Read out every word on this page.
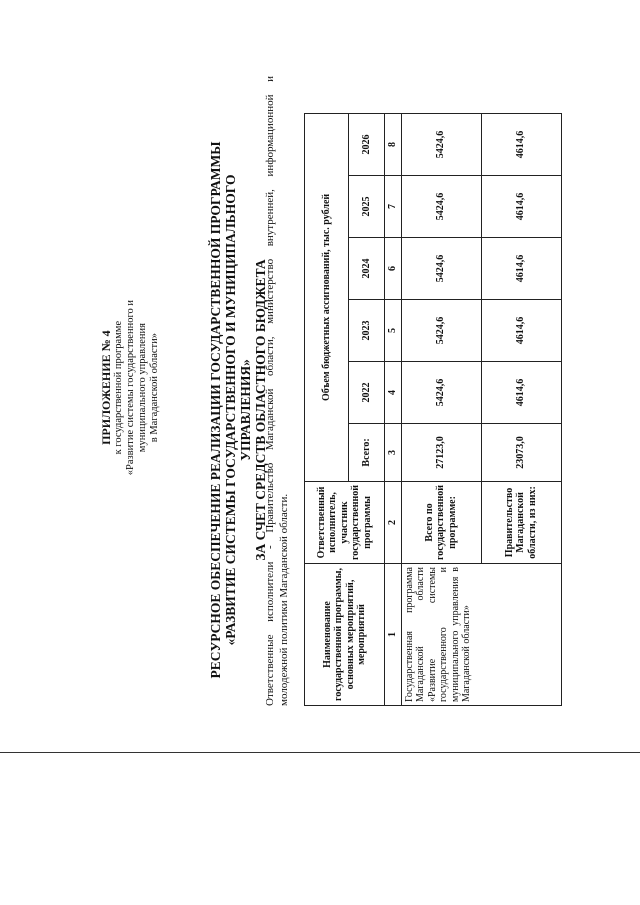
ПРИЛОЖЕНИЕ № 4 к государственной программе «Развитие системы государственного и муниципального управления в Магаданской области»	РЕСУРСНОЕ ОБЕСПЕЧЕНИЕ РЕАЛИЗАЦИИ ГОСУДАРСТВЕННОЙ ПРОГРАММЫ «РАЗВИТИЕ СИСТЕМЫ ГОСУДАРСТВЕННОГО И МУНИЦИПАЛЬНОГО УПРАВЛЕНИЯ» ЗА СЧЕТ СРЕДСТВ ОБЛАСТНОГО БЮДЖЕТА
Ответственные исполнители - Правительство Магаданской области, министерство внутренней, информационной и молодежной политики Магаданской области.	Наименование государственной программы, основных мероприятий, мероприятий	Ответственный исполнитель, участник государственной программы	Объем бюджетных ассигнований, тыс. рублей					
		Всего:	2022	2023	2024	2025	2026
1	2	3	4	5	6	7	8
Государственная программа Магаданской области «Развитие системы государственного и муниципального управления в Магаданской области»	Всего по государственной программе:	27123,0	5424,6	5424,6	5424,6	5424,6	5424,6
	Правительство Магаданской области, из них:	23073,0	4614,6	4614,6	4614,6	4614,6	4614,6
